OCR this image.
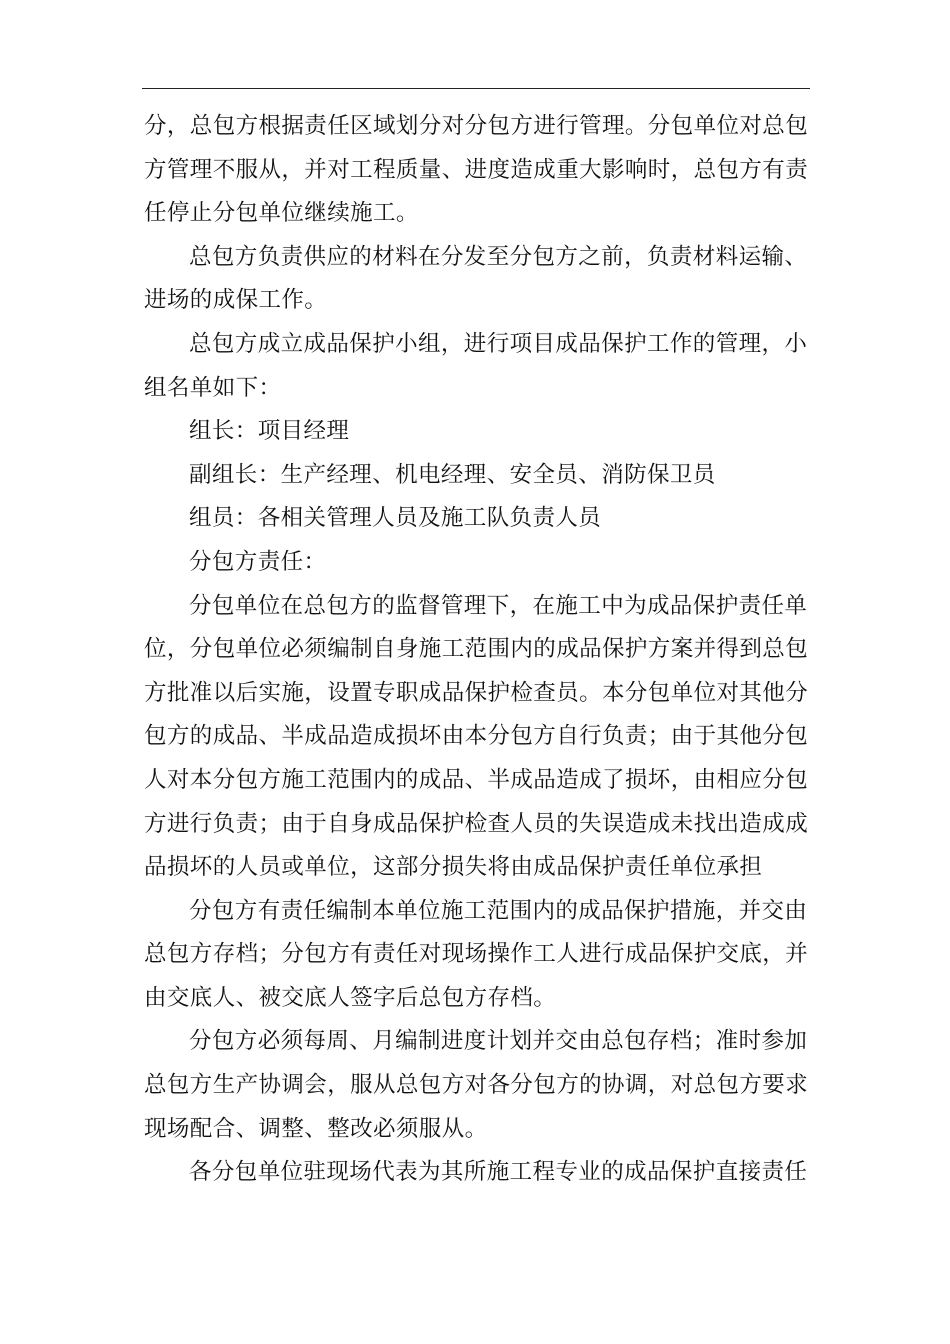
分，总包方根据责任区域划分对分包方进行管理。分包单位对总包方管理不服从，并对工程质量、进度造成重大影响时，总包方有责任停止分包单位继续施工。

总包方负责供应的材料在分发至分包方之前，负责材料运输、进场的成保工作。

总包方成立成品保护小组，进行项目成品保护工作的管理，小组名单如下：

组长：项目经理

副组长：生产经理、机电经理、安全员、消防保卫员

组员：各相关管理人员及施工队负责人员

分包方责任：

分包单位在总包方的监督管理下，在施工中为成品保护责任单位，分包单位必须编制自身施工范围内的成品保护方案并得到总包方批准以后实施，设置专职成品保护检查员。本分包单位对其他分包方的成品、半成品造成损坏由本分包方自行负责；由于其他分包人对本分包方施工范围内的成品、半成品造成了损坏，由相应分包方进行负责；由于自身成品保护检查人员的失误造成未找出造成成品损坏的人员或单位，这部分损失将由成品保护责任单位承担

分包方有责任编制本单位施工范围内的成品保护措施，并交由总包方存档；分包方有责任对现场操作工人进行成品保护交底，并由交底人、被交底人签字后总包方存档。

分包方必须每周、月编制进度计划并交由总包存档；准时参加总包方生产协调会，服从总包方对各分包方的协调，对总包方要求现场配合、调整、整改必须服从。

各分包单位驻现场代表为其所施工程专业的成品保护直接责任
